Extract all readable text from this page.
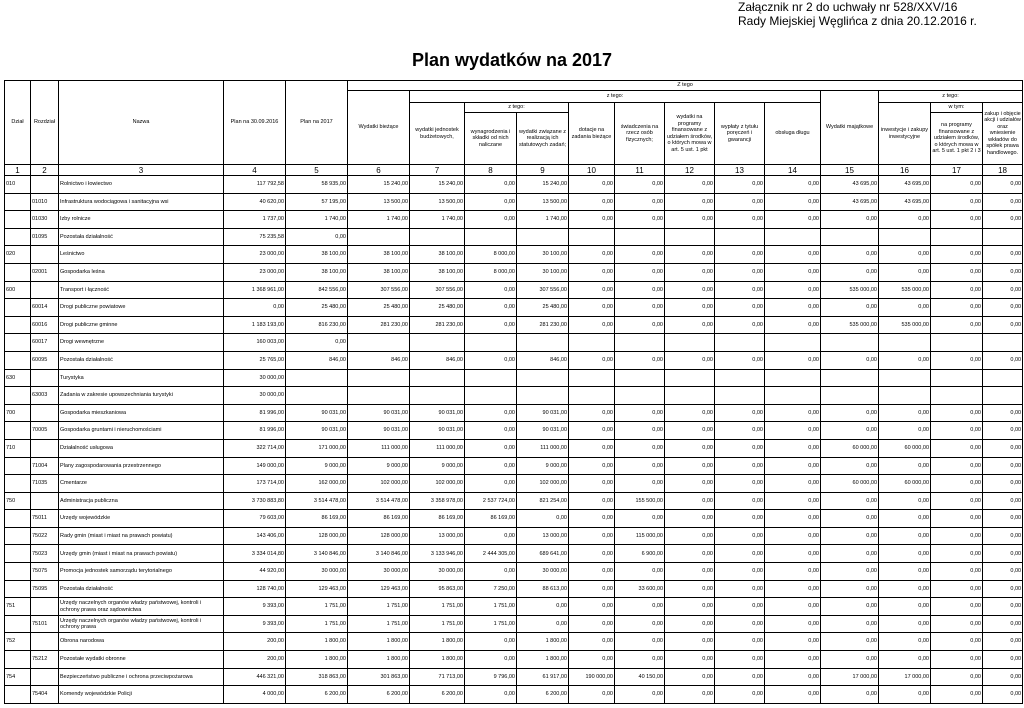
Załącznik nr 2 do uchwały nr 528/XXV/16
Rady Miejskiej Węglińca z dnia 20.12.2016 r.
Plan wydatków na 2017
Dział	Rozdział	Nazwa	Plan na 30.09.2016	Plan na 2017	Z tego												
					Wydatki bieżące	z tego:								Wydatki majątkowe	z tego:		
						wydatki jednostek budżetowych,	z tego:		dotacje na zadania bieżące	świadczenia na rzecz osób fizycznych;	wydatki na programy finansowane z udziałem środków, o których mowa w art. 5 ust. 1 pkt	wypłaty z tytułu poręczeń i gwarancji	obsługa długu		inwestycje i zakupy inwestycyjne	w tym:	zakup i objęcie akcji i udziałów oraz wniesienie wkładów do spółek prawa handlowego.
							wynagrodzenia i składki od nich naliczane	wydatki związane z realizacją ich statutowych zadań;								na programy finansowane z udziałem środków, o których mowa w art. 5 ust. 1 pkt 2 i 3	
1	2	3	4	5	6	7	8	9	10	11	12	13	14	15	16	17	18
010		Rolnictwo i łowiectwo	117 792,58	58 935,00	15 240,00	15 240,00	0,00	15 240,00	0,00	0,00	0,00	0,00	0,00	43 695,00	43 695,00	0,00	0,00
	01010	Infrastruktura wodociągowa i sanitacyjna wsi	40 620,00	57 195,00	13 500,00	13 500,00	0,00	13 500,00	0,00	0,00	0,00	0,00	0,00	43 695,00	43 695,00	0,00	0,00
	01030	Izby rolnicze	1 737,00	1 740,00	1 740,00	1 740,00	0,00	1 740,00	0,00	0,00	0,00	0,00	0,00	0,00	0,00	0,00	0,00
	01095	Pozostała działalność	75 235,58	0,00													
020		Leśnictwo	23 000,00	38 100,00	38 100,00	38 100,00	8 000,00	30 100,00	0,00	0,00	0,00	0,00	0,00	0,00	0,00	0,00	0,00
	02001	Gospodarka leśna	23 000,00	38 100,00	38 100,00	38 100,00	8 000,00	30 100,00	0,00	0,00	0,00	0,00	0,00	0,00	0,00	0,00	0,00
600		Transport i łączność	1 368 961,00	842 556,00	307 556,00	307 556,00	0,00	307 556,00	0,00	0,00	0,00	0,00	0,00	535 000,00	535 000,00	0,00	0,00
	60014	Drogi publiczne powiatowe	0,00	25 480,00	25 480,00	25 480,00	0,00	25 480,00	0,00	0,00	0,00	0,00	0,00	0,00	0,00	0,00	0,00
	60016	Drogi publiczne gminne	1 183 193,00	816 230,00	281 230,00	281 230,00	0,00	281 230,00	0,00	0,00	0,00	0,00	0,00	535 000,00	535 000,00	0,00	0,00
	60017	Drogi wewnętrzne	160 003,00	0,00													
	60095	Pozostała działalność	25 765,00	846,00	846,00	846,00	0,00	846,00	0,00	0,00	0,00	0,00	0,00	0,00	0,00	0,00	0,00
630		Turystyka	30 000,00														
	63003	Zadania w zakresie upowszechniania turystyki	30 000,00														
700		Gospodarka mieszkaniowa	81 996,00	90 031,00	90 031,00	90 031,00	0,00	90 031,00	0,00	0,00	0,00	0,00	0,00	0,00	0,00	0,00	0,00
	70005	Gospodarka gruntami i nieruchomościami	81 996,00	90 031,00	90 031,00	90 031,00	0,00	90 031,00	0,00	0,00	0,00	0,00	0,00	0,00	0,00	0,00	0,00
710		Działalność usługowa	322 714,00	171 000,00	111 000,00	111 000,00	0,00	111 000,00	0,00	0,00	0,00	0,00	0,00	60 000,00	60 000,00	0,00	0,00
	71004	Plany zagospodarowania przestrzennego	149 000,00	9 000,00	9 000,00	9 000,00	0,00	9 000,00	0,00	0,00	0,00	0,00	0,00	0,00	0,00	0,00	0,00
	71035	Cmentarze	173 714,00	162 000,00	102 000,00	102 000,00	0,00	102 000,00	0,00	0,00	0,00	0,00	0,00	60 000,00	60 000,00	0,00	0,00
750		Administracja publiczna	3 730 883,80	3 514 478,00	3 514 478,00	3 358 978,00	2 537 724,00	821 254,00	0,00	155 500,00	0,00	0,00	0,00	0,00	0,00	0,00	0,00
	75011	Urzędy wojewódzkie	79 603,00	86 169,00	86 169,00	86 169,00	86 169,00	0,00	0,00	0,00	0,00	0,00	0,00	0,00	0,00	0,00	0,00
	75022	Rady gmin (miast i miast na prawach powiatu)	143 406,00	128 000,00	128 000,00	13 000,00	0,00	13 000,00	0,00	115 000,00	0,00	0,00	0,00	0,00	0,00	0,00	0,00
	75023	Urzędy gmin (miast i miast na prawach powiatu)	3 334 014,80	3 140 846,00	3 140 846,00	3 133 946,00	2 444 305,00	689 641,00	0,00	6 900,00	0,00	0,00	0,00	0,00	0,00	0,00	0,00
	75075	Promocja jednostek samorządu terytorialnego	44 920,00	30 000,00	30 000,00	30 000,00	0,00	30 000,00	0,00	0,00	0,00	0,00	0,00	0,00	0,00	0,00	0,00
	75095	Pozostała działalność	128 740,00	129 463,00	129 463,00	95 863,00	7 250,00	88 613,00	0,00	33 600,00	0,00	0,00	0,00	0,00	0,00	0,00	0,00
751		Urzędy naczelnych organów władzy państwowej, kontroli i ochrony prawa oraz sądownictwa	9 393,00	1 751,00	1 751,00	1 751,00	1 751,00	0,00	0,00	0,00	0,00	0,00	0,00	0,00	0,00	0,00	0,00
	75101	Urzędy naczelnych organów władzy państwowej, kontroli i ochrony prawa	9 393,00	1 751,00	1 751,00	1 751,00	1 751,00	0,00	0,00	0,00	0,00	0,00	0,00	0,00	0,00	0,00	0,00
752		Obrona narodowa	200,00	1 800,00	1 800,00	1 800,00	0,00	1 800,00	0,00	0,00	0,00	0,00	0,00	0,00	0,00	0,00	0,00
	75212	Pozostałe wydatki obronne	200,00	1 800,00	1 800,00	1 800,00	0,00	1 800,00	0,00	0,00	0,00	0,00	0,00	0,00	0,00	0,00	0,00
754		Bezpieczeństwo publiczne i ochrona przeciwpożarowa	446 321,00	318 863,00	301 863,00	71 713,00	9 796,00	61 917,00	190 000,00	40 150,00	0,00	0,00	0,00	17 000,00	17 000,00	0,00	0,00
	75404	Komendy wojewódzkie Policji	4 000,00	6 200,00	6 200,00	6 200,00	0,00	6 200,00	0,00	0,00	0,00	0,00	0,00	0,00	0,00	0,00	0,00
